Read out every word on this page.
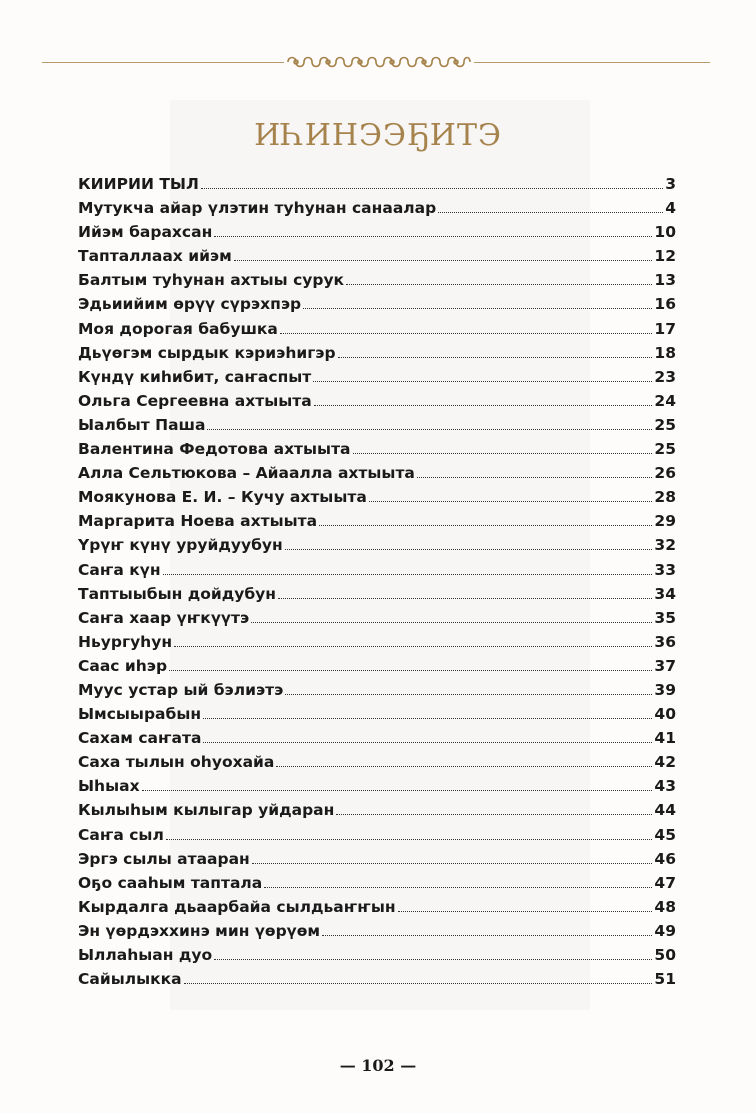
ИҺИНЭЭҔИТЭ
КИИРИИ ТЫЛ	3
Мутукча айар үлэтин туһунан санаалар	4
Ийэм барахсан	10
Тапталлаах ийэм	12
Балтым туһунан ахтыы сурук	13
Эдьиийим өрүү сүрэхпэр	16
Моя дорогая бабушка	17
Дьүөгэм сырдык кэриэһигэр	18
Күндү киһибит, саҥаспыт	23
Ольга Сергеевна ахтыыта	24
Ыалбыт Паша	25
Валентина Федотова ахтыыта	25
Алла Сельтюкова – Айаалла ахтыыта	26
Моякунова Е. И. – Кучу ахтыыта	28
Маргарита Ноева ахтыыта	29
Үрүҥ күнү уруйдуубун	32
Саҥа күн	33
Таптыыбын дойдубун	34
Саҥа хаар үҥкүүтэ	35
Ньургуһун	36
Саас иһэр	37
Муус устар ый бэлиэтэ	39
Ымсыырабын	40
Сахам саҥата	41
Саха тылын оһуохайа	42
Ыһыах	43
Кылыһым кылыгар уйдаран	44
Саҥа сыл	45
Эргэ сылы атааран	46
Оҕо сааһым таптала	47
Кырдалга дьаарбайа сылдьаҥҥын	48
Эн үөрдэххинэ мин үөрүөм	49
Ыллаһыан дуо	50
Сайылыкка	51
— 102 —
